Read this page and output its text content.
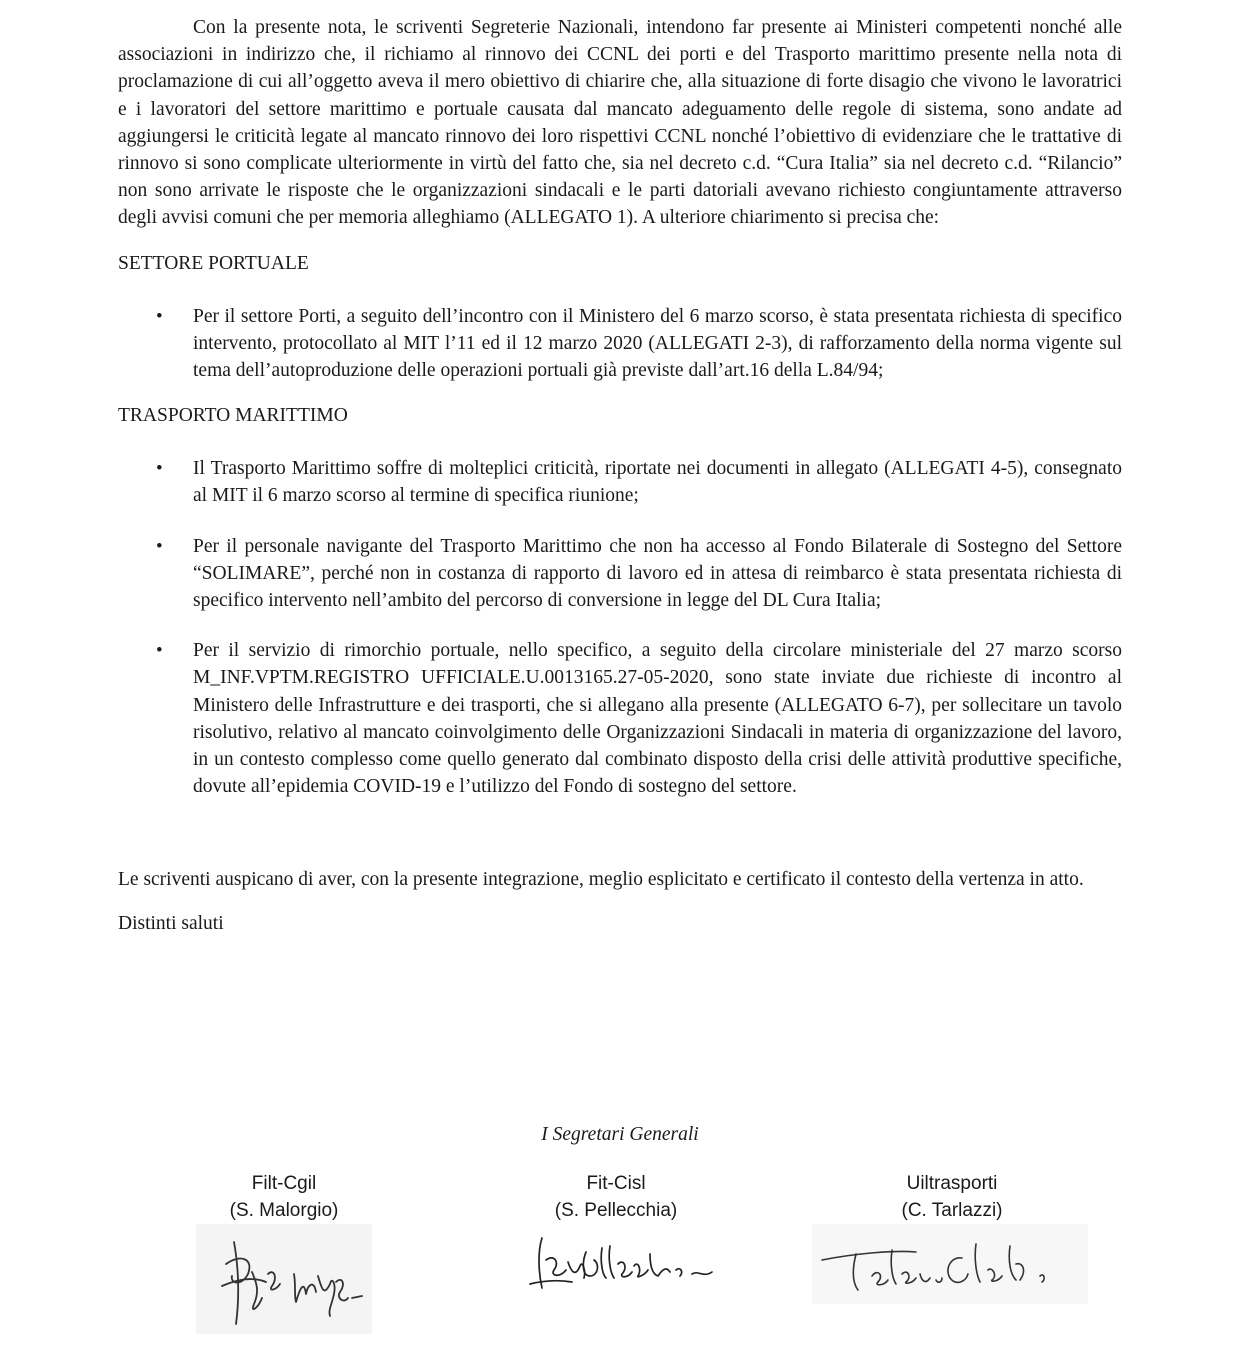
Con la presente nota, le scriventi Segreterie Nazionali, intendono far presente ai Ministeri competenti nonché alle associazioni in indirizzo che, il richiamo al rinnovo dei CCNL dei porti e del Trasporto marittimo presente nella nota di proclamazione di cui all’oggetto aveva il mero obiettivo di chiarire che, alla situazione di forte disagio che vivono le lavoratrici e i lavoratori del settore marittimo e portuale causata dal mancato adeguamento delle regole di sistema, sono andate ad aggiungersi le criticità legate al mancato rinnovo dei loro rispettivi CCNL nonché l’obiettivo di evidenziare che le trattative di rinnovo si sono complicate ulteriormente in virtù del fatto che, sia nel decreto c.d. “Cura Italia” sia nel decreto c.d. “Rilancio” non sono arrivate le risposte che le organizzazioni sindacali e le parti datoriali avevano richiesto congiuntamente attraverso degli avvisi comuni che per memoria alleghiamo (ALLEGATO 1). A ulteriore chiarimento si precisa che:

SETTORE PORTUALE

• Per il settore Porti, a seguito dell’incontro con il Ministero del 6 marzo scorso, è stata presentata richiesta di specifico intervento, protocollato al MIT l’11 ed il 12 marzo 2020 (ALLEGATI 2-3), di rafforzamento della norma vigente sul tema dell’autoproduzione delle operazioni portuali già previste dall’art.16 della L.84/94;

TRASPORTO MARITTIMO

• Il Trasporto Marittimo soffre di molteplici criticità, riportate nei documenti in allegato (ALLEGATI 4-5), consegnato al MIT il 6 marzo scorso al termine di specifica riunione;

• Per il personale navigante del Trasporto Marittimo che non ha accesso al Fondo Bilaterale di Sostegno del Settore “SOLIMARE”, perché non in costanza di rapporto di lavoro ed in attesa di reimbarco è stata presentata richiesta di specifico intervento nell’ambito del percorso di conversione in legge del DL Cura Italia;

• Per il servizio di rimorchio portuale, nello specifico, a seguito della circolare ministeriale del 27 marzo scorso M_INF.VPTM.REGISTRO UFFICIALE.U.0013165.27-05-2020, sono state inviate due richieste di incontro al Ministero delle Infrastrutture e dei trasporti, che si allegano alla presente (ALLEGATO 6-7), per sollecitare un tavolo risolutivo, relativo al mancato coinvolgimento delle Organizzazioni Sindacali in materia di organizzazione del lavoro, in un contesto complesso come quello generato dal combinato disposto della crisi delle attività produttive specifiche, dovute all’epidemia COVID-19 e l’utilizzo del Fondo di sostegno del settore.

Le scriventi auspicano di aver, con la presente integrazione, meglio esplicitato e certificato il contesto della vertenza in atto.

Distinti saluti

I Segretari Generali
Filt-Cgil
(S. Malorgio)
Fit-Cisl
(S. Pellecchia)
Uiltrasporti
(C. Tarlazzi)
